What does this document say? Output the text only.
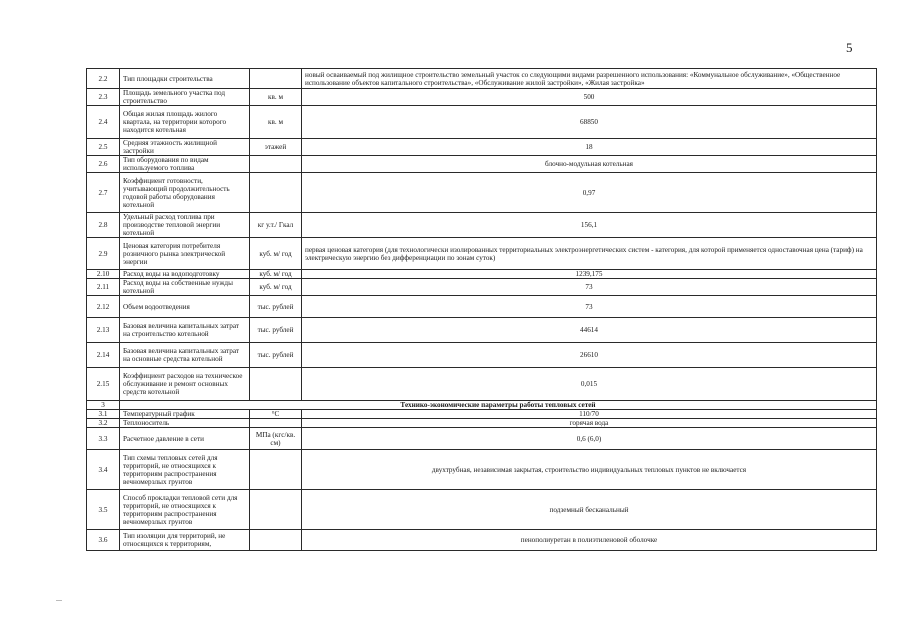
5
2.2	Тип площадки строительства		новый осваиваемый под жилищное строительство земельный участок со следующими видами разрешенного использования: «Коммунальное обслуживание», «Общественное использование объектов капитального строительства», «Обслуживание жилой застройки», «Жилая застройка»
2.3	Площадь земельного участка под строительство	кв. м	500
2.4	Общая жилая площадь жилого квартала, на территории которого находится котельная	кв. м	68850
2.5	Средняя этажность жилищной застройки	этажей	18
2.6	Тип оборудования по видам используемого топлива		блочно-модульная котельная
2.7	Коэффициент готовности, учитывающий продолжительность годовой работы оборудования котельной		0,97
2.8	Удельный расход топлива при производстве тепловой энергии котельной	кг у.т./ Гкал	156,1
2.9	Ценовая категория потребителя розничного рынка электрической энергии	куб. м/ год	первая ценовая категория (для технологически изолированных территориальных электроэнергетических систем - категория, для которой применяется одноставочная цена (тариф) на электрическую энергию без дифференциации по зонам суток)
2.10	Расход воды на водоподготовку	куб. м/ год	1239,175
2.11	Расход воды на собственные нужды котельной	куб. м/ год	73
2.12	Объем водоотведения	тыс. рублей	73
2.13	Базовая величина капитальных затрат на строительство котельной	тыс. рублей	44614
2.14	Базовая величина капитальных затрат на основные средства котельной	тыс. рублей	26610
2.15	Коэффициент расходов на техническое обслуживание и ремонт основных средств котельной		0,015
3	Технико-экономические параметры работы тепловых сетей		
3.1	Температурный график	°С	110/70
3.2	Теплоноситель		горячая вода
3.3	Расчетное давление в сети	МПа (кгс/кв. см)	0,6 (6,0)
3.4	Тип схемы тепловых сетей для территорий, не относящихся к территориям распространения вечномерзлых грунтов		двухтрубная, независимая закрытая, строительство индивидуальных тепловых пунктов не включается
3.5	Способ прокладки тепловой сети для территорий, не относящихся к территориям распространения вечномерзлых грунтов		подземный бесканальный
3.6	Тип изоляции для территорий, не относящихся к территориям,		пенополиуретан в полиэтиленовой оболочке
